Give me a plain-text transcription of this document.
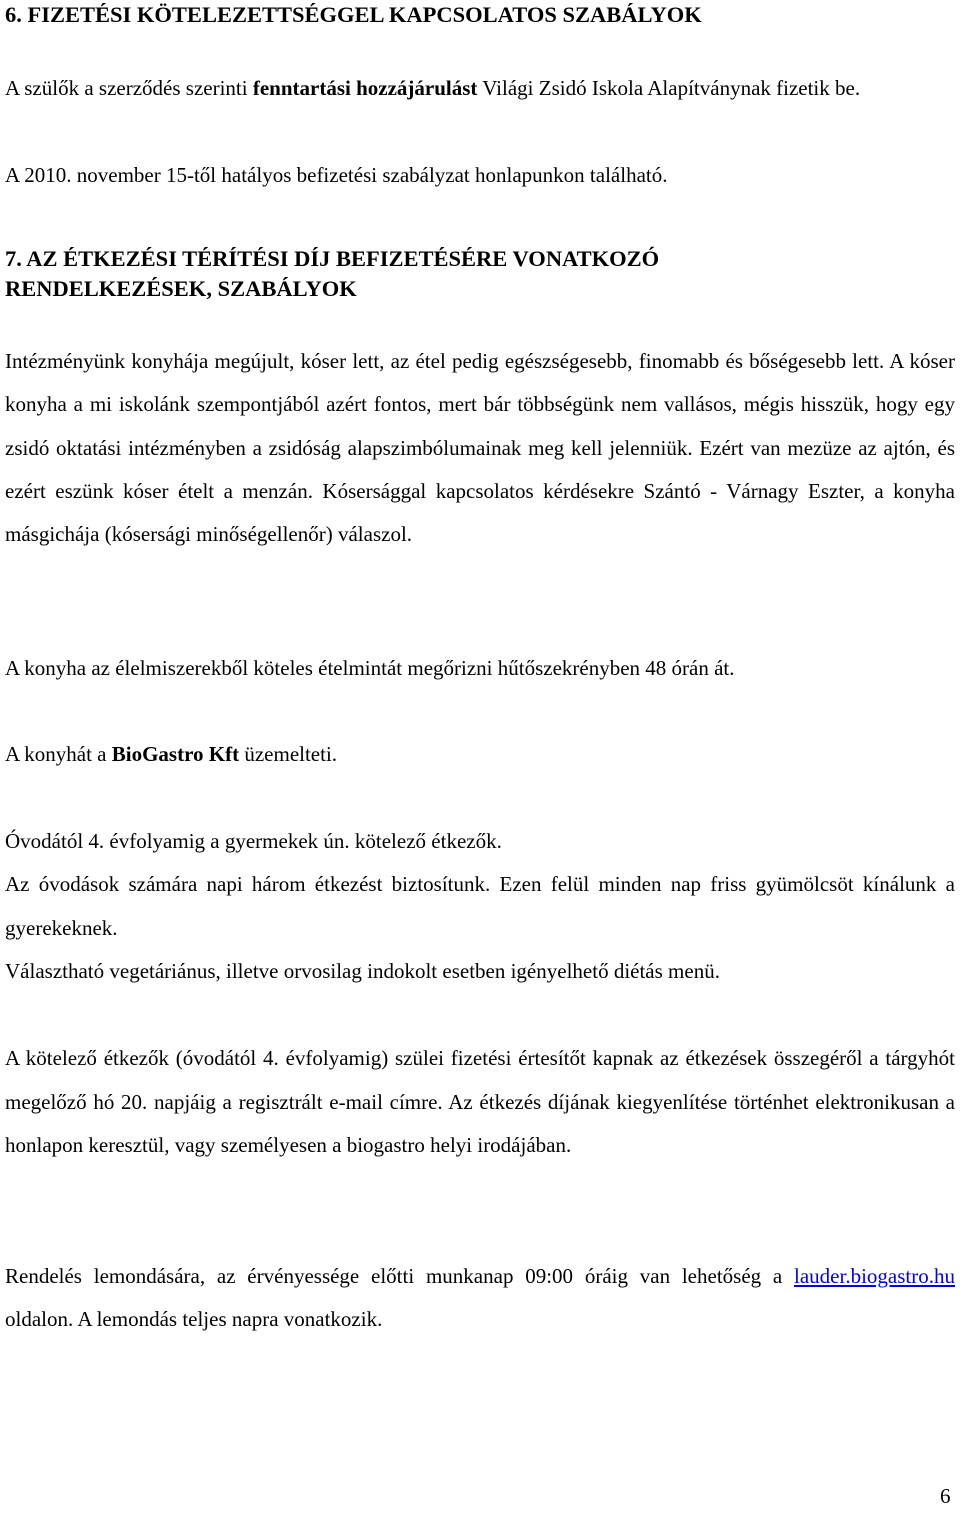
6. FIZETÉSI KÖTELEZETTSÉGGEL KAPCSOLATOS SZABÁLYOK

A szülők a szerződés szerinti fenntartási hozzájárulást Világi Zsidó Iskola Alapítványnak fizetik be.

A 2010. november 15-től hatályos befizetési szabályzat honlapunkon található.

7. AZ ÉTKEZÉSI TÉRÍTÉSI DÍJ BEFIZETÉSÉRE VONATKOZÓ
RENDELKEZÉSEK, SZABÁLYOK

Intézményünk konyhája megújult, kóser lett, az étel pedig egészségesebb, finomabb és bőségesebb lett. A kóser konyha a mi iskolánk szempontjából azért fontos, mert bár többségünk nem vallásos, mégis hisszük, hogy egy zsidó oktatási intézményben a zsidóság alapszimbólumainak meg kell jelenniük. Ezért van mezüze az ajtón, és ezért eszünk kóser ételt a menzán. Kósersággal kapcsolatos kérdésekre Szántó - Várnagy Eszter, a konyha másgichája (kósersági minőségellenőr) válaszol.

A konyha az élelmiszerekből köteles ételmintát megőrizni hűtőszekrényben 48 órán át.

A konyhát a BioGastro Kft üzemelteti.

Óvodától 4. évfolyamig a gyermekek ún. kötelező étkezők.
Az óvodások számára napi három étkezést biztosítunk. Ezen felül minden nap friss gyümölcsöt kínálunk a gyerekeknek.
Választható vegetáriánus, illetve orvosilag indokolt esetben igényelhető diétás menü.

A kötelező étkezők (óvodától 4. évfolyamig) szülei fizetési értesítőt kapnak az étkezések összegéről a tárgyhót megelőző hó 20. napjáig a regisztrált e-mail címre. Az étkezés díjának kiegyenlítése történhet elektronikusan a honlapon keresztül, vagy személyesen a biogastro helyi irodájában.

Rendelés lemondására, az érvényessége előtti munkanap 09:00 óráig van lehetőség a lauder.biogastro.hu oldalon. A lemondás teljes napra vonatkozik.

6
